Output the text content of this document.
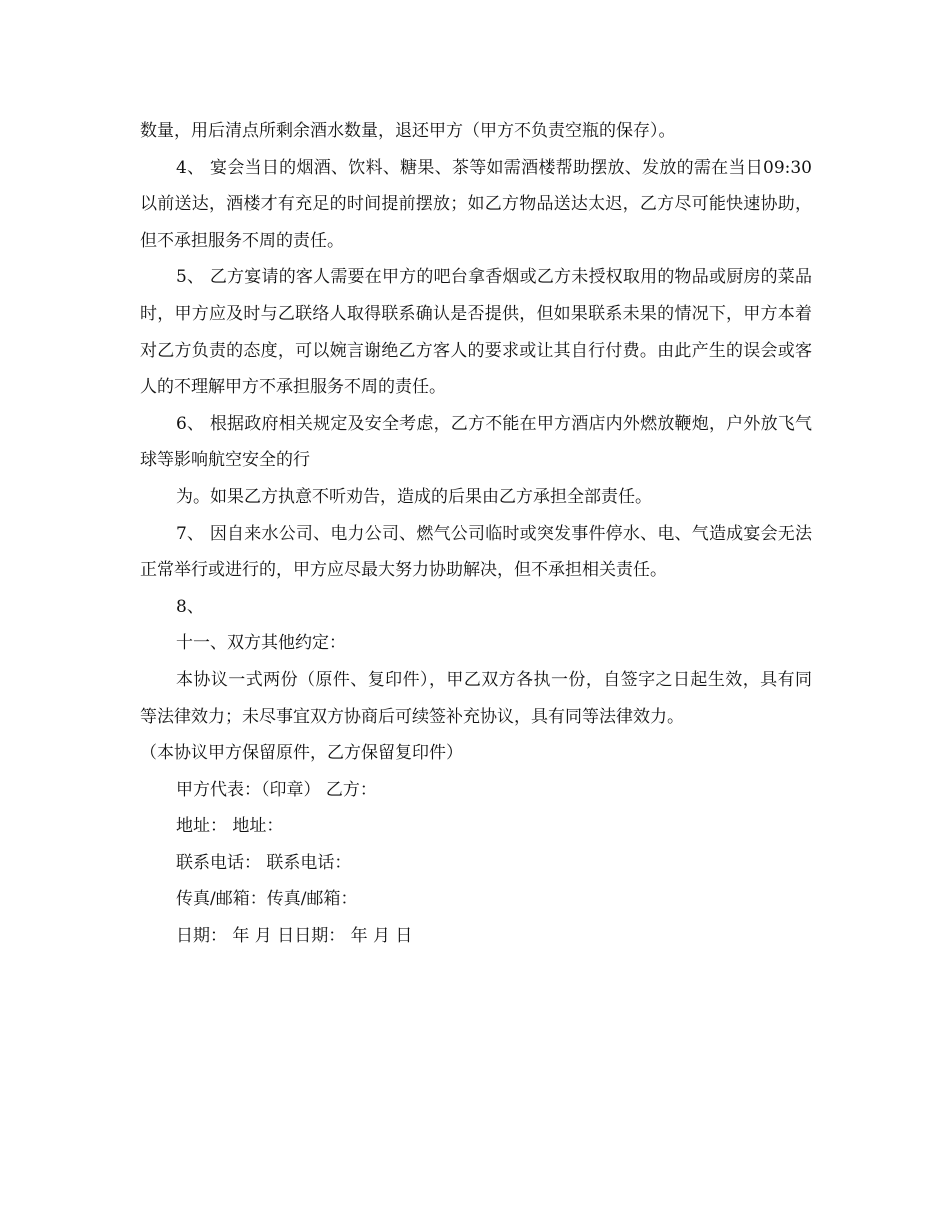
数量，用后清点所剩余酒水数量，退还甲方（甲方不负责空瓶的保存）。

4、 宴会当日的烟酒、饮料、糖果、茶等如需酒楼帮助摆放、发放的需在当日09:30以前送达，酒楼才有充足的时间提前摆放；如乙方物品送达太迟，乙方尽可能快速协助，但不承担服务不周的责任。

5、 乙方宴请的客人需要在甲方的吧台拿香烟或乙方未授权取用的物品或厨房的菜品时，甲方应及时与乙联络人取得联系确认是否提供，但如果联系未果的情况下，甲方本着对乙方负责的态度，可以婉言谢绝乙方客人的要求或让其自行付费。由此产生的误会或客人的不理解甲方不承担服务不周的责任。

6、 根据政府相关规定及安全考虑，乙方不能在甲方酒店内外燃放鞭炮，户外放飞气球等影响航空安全的行

为。如果乙方执意不听劝告，造成的后果由乙方承担全部责任。

7、 因自来水公司、电力公司、燃气公司临时或突发事件停水、电、气造成宴会无法正常举行或进行的，甲方应尽最大努力协助解决，但不承担相关责任。

8、

十一、双方其他约定：

本协议一式两份（原件、复印件），甲乙双方各执一份，自签字之日起生效，具有同等法律效力；未尽事宜双方协商后可续签补充协议，具有同等法律效力。

（本协议甲方保留原件，乙方保留复印件）

甲方代表：（印章） 乙方：

地址： 地址：

联系电话： 联系电话：

传真/邮箱：传真/邮箱：

日期： 年 月 日日期： 年 月 日
